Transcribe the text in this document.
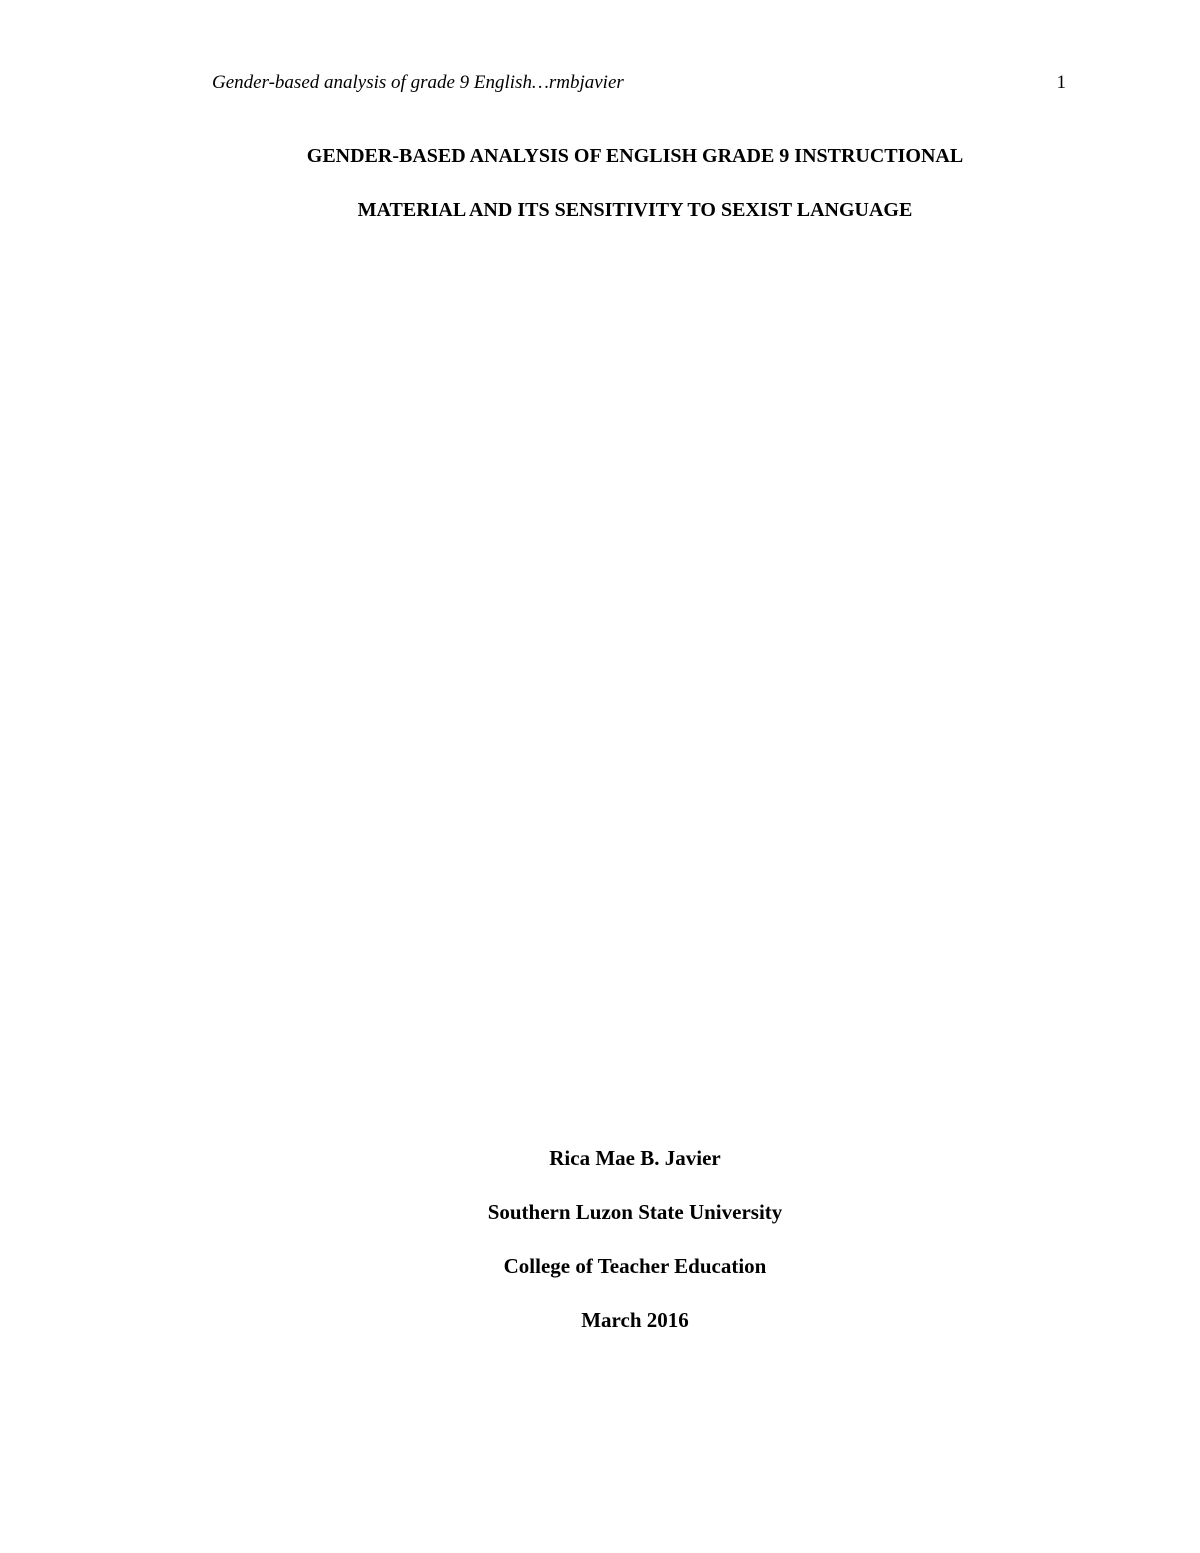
Gender-based analysis of grade 9 English…rmbjavier	1
GENDER-BASED ANALYSIS OF ENGLISH GRADE 9 INSTRUCTIONAL
MATERIAL AND ITS SENSITIVITY TO SEXIST LANGUAGE
Rica Mae B. Javier
Southern Luzon State University
College of Teacher Education
March 2016
